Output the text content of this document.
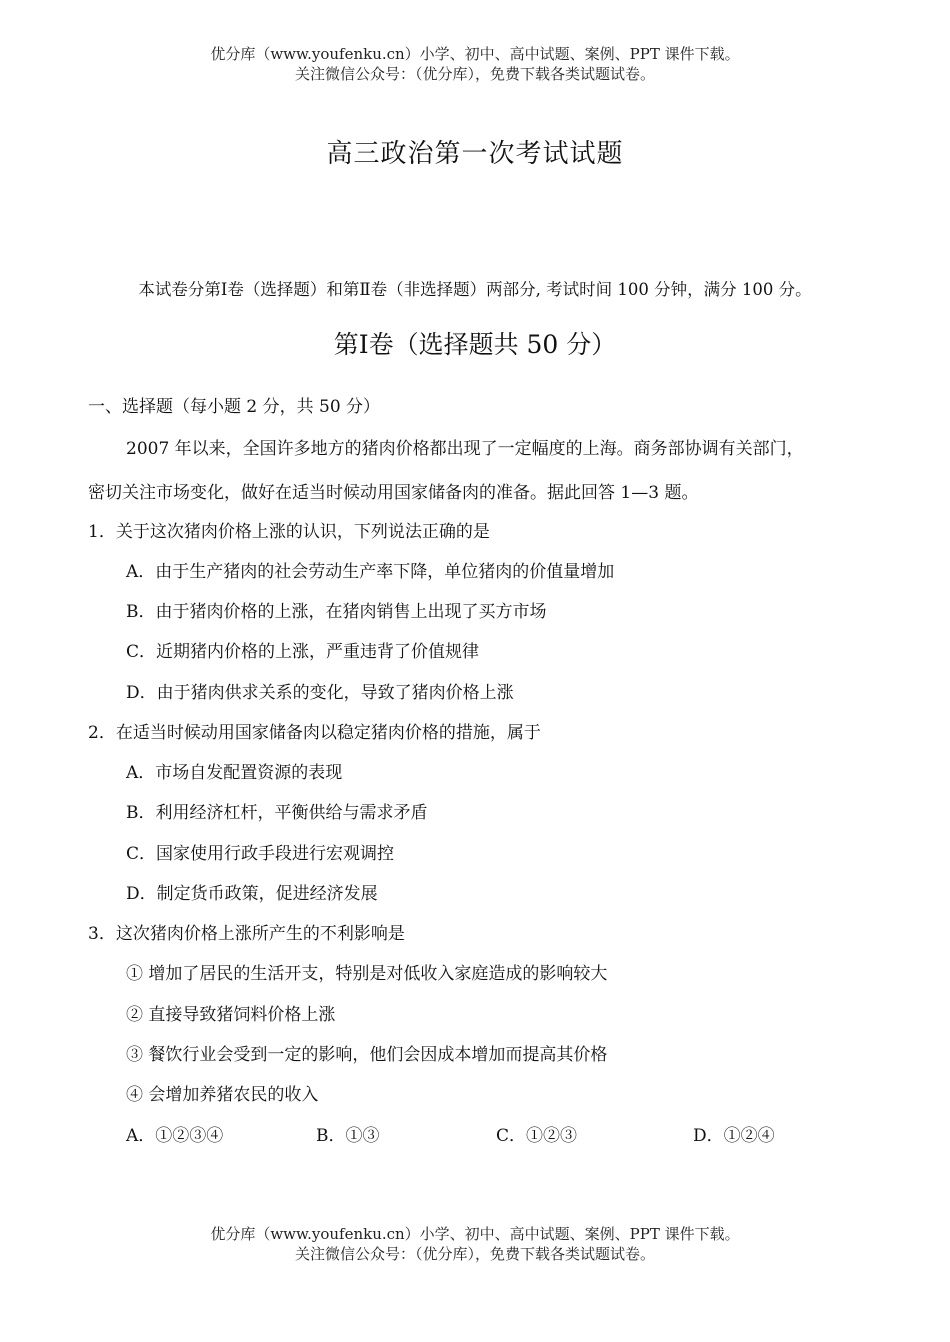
优分库（www.youfenku.cn）小学、初中、高中试题、案例、PPT 课件下载。
关注微信公众号：（优分库），免费下载各类试题试卷。
高三政治第一次考试试题
本试卷分第Ⅰ卷（选择题）和第Ⅱ卷（非选择题）两部分, 考试时间 100 分钟，满分 100 分。
第Ⅰ卷（选择题共 50 分）
一、选择题（每小题 2 分，共 50 分）
2007 年以来，全国许多地方的猪肉价格都出现了一定幅度的上海。商务部协调有关部门，
密切关注市场变化，做好在适当时候动用国家储备肉的准备。据此回答 1—3 题。
1．关于这次猪肉价格上涨的认识，下列说法正确的是
A．由于生产猪肉的社会劳动生产率下降，单位猪肉的价值量增加
B．由于猪肉价格的上涨，在猪肉销售上出现了买方市场
C．近期猪内价格的上涨，严重违背了价值规律
D．由于猪肉供求关系的变化，导致了猪肉价格上涨
2．在适当时候动用国家储备肉以稳定猪肉价格的措施，属于
A．市场自发配置资源的表现
B．利用经济杠杆，平衡供给与需求矛盾
C．国家使用行政手段进行宏观调控
D．制定货币政策，促进经济发展
3．这次猪肉价格上涨所产生的不利影响是
① 增加了居民的生活开支，特别是对低收入家庭造成的影响较大
② 直接导致猪饲料价格上涨
③ 餐饮行业会受到一定的影响，他们会因成本增加而提高其价格
④ 会增加养猪农民的收入
A．①②③④	B．①③	C．①②③	D．①②④
优分库（www.youfenku.cn）小学、初中、高中试题、案例、PPT 课件下载。
关注微信公众号：（优分库），免费下载各类试题试卷。
